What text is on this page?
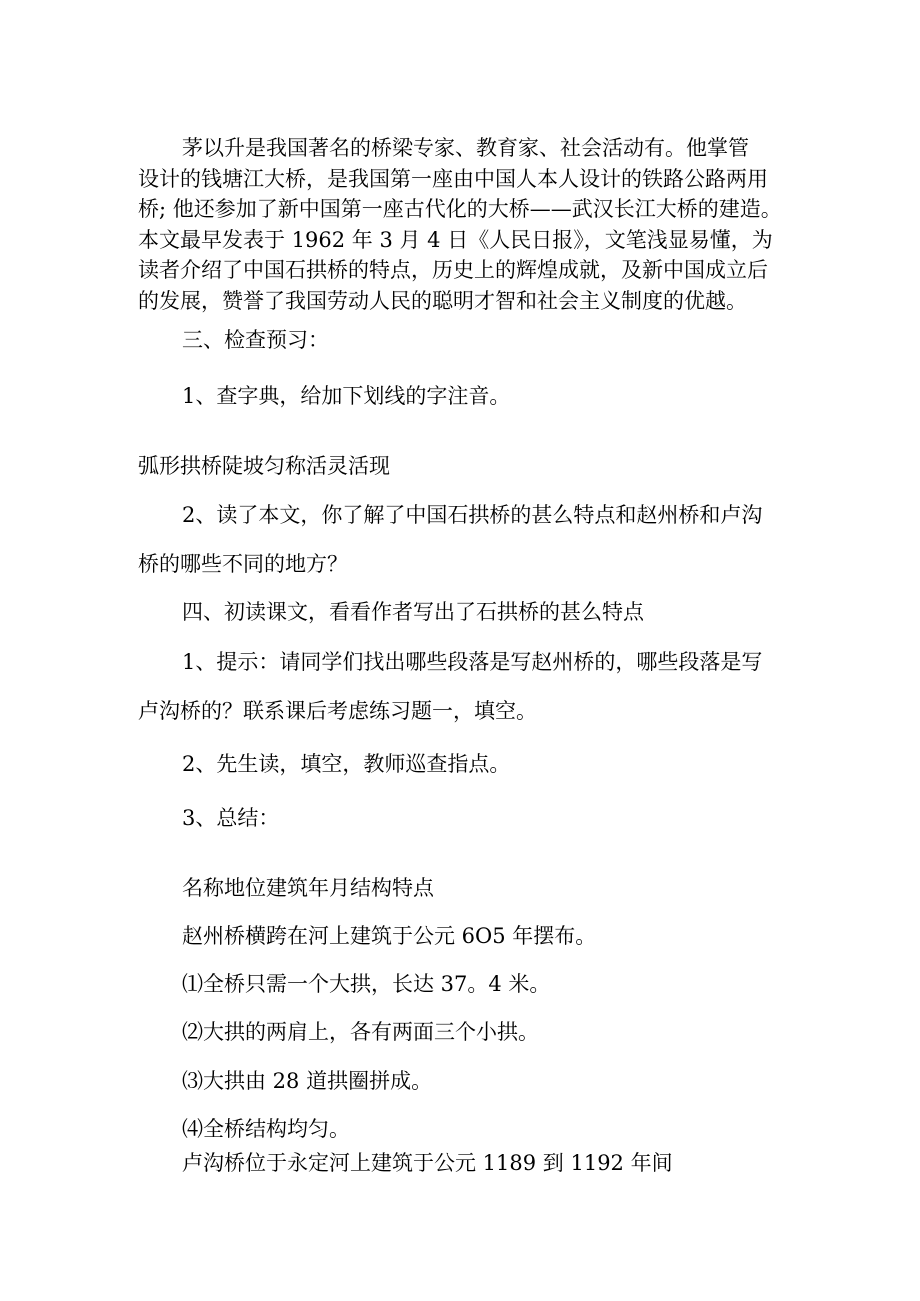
茅以升是我国著名的桥梁专家、教育家、社会活动有。他掌管
设计的钱塘江大桥，是我国第一座由中国人本人设计的铁路公路两用
桥; 他还参加了新中国第一座古代化的大桥——武汉长江大桥的建造。
本文最早发表于 1962 年 3 月 4 日《人民日报》，文笔浅显易懂，为
读者介绍了中国石拱桥的特点，历史上的辉煌成就，及新中国成立后
的发展，赞誉了我国劳动人民的聪明才智和社会主义制度的优越。
三、检查预习：
1、查字典，给加下划线的字注音。
弧形拱桥陡坡匀称活灵活现
2、读了本文，你了解了中国石拱桥的甚么特点和赵州桥和卢沟
桥的哪些不同的地方？
四、初读课文，看看作者写出了石拱桥的甚么特点
1、提示：请同学们找出哪些段落是写赵州桥的，哪些段落是写
卢沟桥的？联系课后考虑练习题一，填空。
2、先生读，填空，教师巡查指点。
3、总结：
名称地位建筑年月结构特点
赵州桥横跨在河上建筑于公元 6O5 年摆布。
⑴全桥只需一个大拱，长达 37。4 米。
⑵大拱的两肩上，各有两面三个小拱。
⑶大拱由 28 道拱圈拼成。
⑷全桥结构均匀。
卢沟桥位于永定河上建筑于公元 1189 到 1192 年间
